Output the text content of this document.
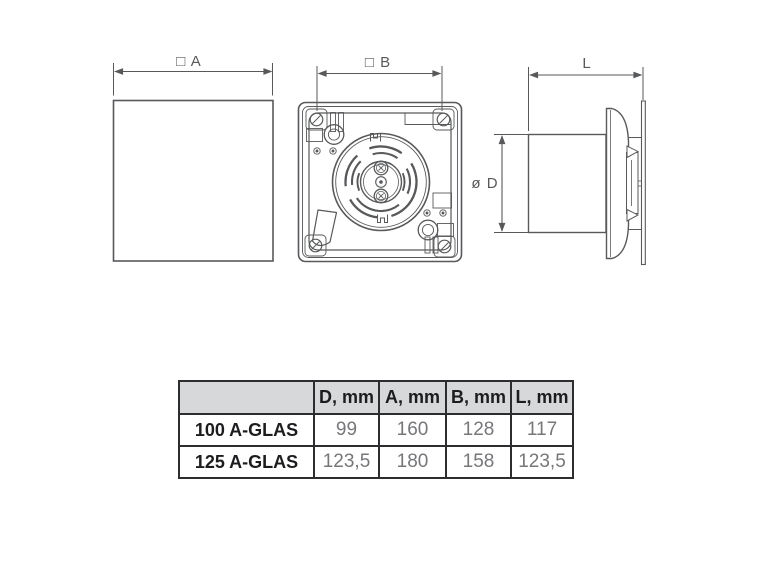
□ A	□ B	L
ø D
	D, mm	A, mm	B, mm	L, mm
100 A-GLAS	99	160	128	117
125 A-GLAS	123,5	180	158	123,5
